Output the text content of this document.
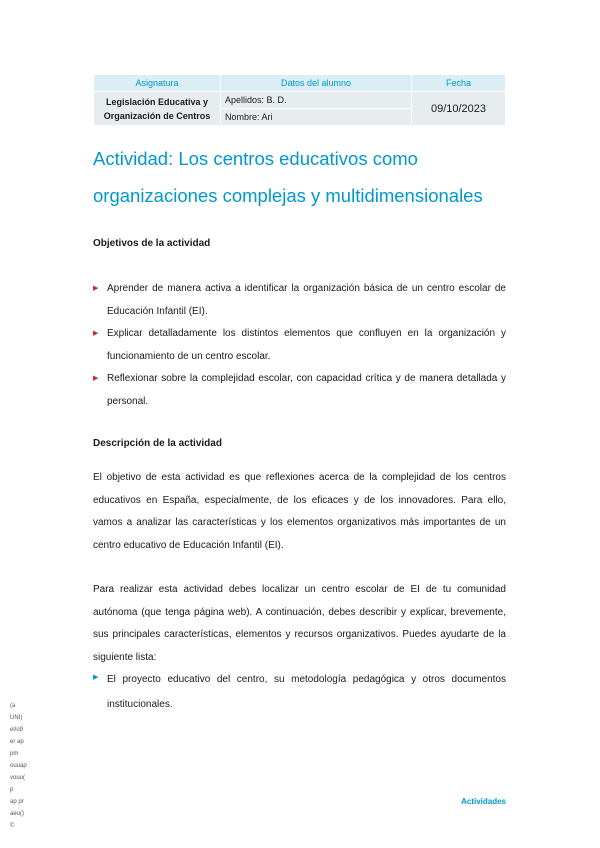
Asignatura	Datos del alumno	Fecha
Legislación Educativa y Organización de Centros	Apellidos: B. D.	09/10/2023
	Nombre: Ari	
Actividad: Los centros educativos como organizaciones complejas y multidimensionales
Objetivos de la actividad
▶ Aprender de manera activa a identificar la organización básica de un centro escolar de Educación Infantil (EI).
▶ Explicar detalladamente los distintos elementos que confluyen en la organización y funcionamiento de un centro escolar.
▶ Reflexionar sobre la complejidad escolar, con capacidad crítica y de manera detallada y personal.
Descripción de la actividad

El objetivo de esta actividad es que reflexiones acerca de la complejidad de los centros educativos en España, especialmente, de los eficaces y de los innovadores. Para ello, vamos a analizar las características y los elementos organizativos más importantes de un centro educativo de Educación Infantil (EI).

Para realizar esta actividad debes localizar un centro escolar de EI de tu comunidad autónoma (que tenga página web). A continuación, debes describir y explicar, brevemente, sus principales características, elementos y recursos organizativos. Puedes ayudarte de la siguiente lista:

▶ El proyecto educativo del centro, su metodología pedagógica y otros documentos institucionales.
(a
UNI)
el/o9
er ap
pm
ouuap
vouu(
p
ap pr
aeu()
©
Actividades
